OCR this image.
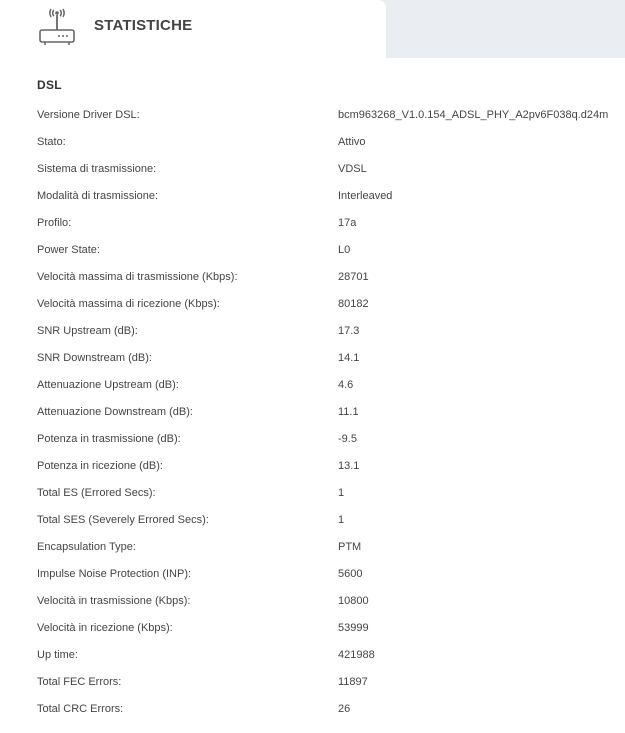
STATISTICHE
DSL
Versione Driver DSL:	bcm963268_V1.0.154_ADSL_PHY_A2pv6F038q.d24m
Stato:	Attivo
Sistema di trasmissione:	VDSL
Modalità di trasmissione:	Interleaved
Profilo:	17a
Power State:	L0
Velocità massima di trasmissione (Kbps):	28701
Velocità massima di ricezione (Kbps):	80182
SNR Upstream (dB):	17.3
SNR Downstream (dB):	14.1
Attenuazione Upstream (dB):	4.6
Attenuazione Downstream (dB):	11.1
Potenza in trasmissione (dB):	-9.5
Potenza in ricezione (dB):	13.1
Total ES (Errored Secs):	1
Total SES (Severely Errored Secs):	1
Encapsulation Type:	PTM
Impulse Noise Protection (INP):	5600
Velocità in trasmissione (Kbps):	10800
Velocità in ricezione (Kbps):	53999
Up time:	421988
Total FEC Errors:	11897
Total CRC Errors:	26
